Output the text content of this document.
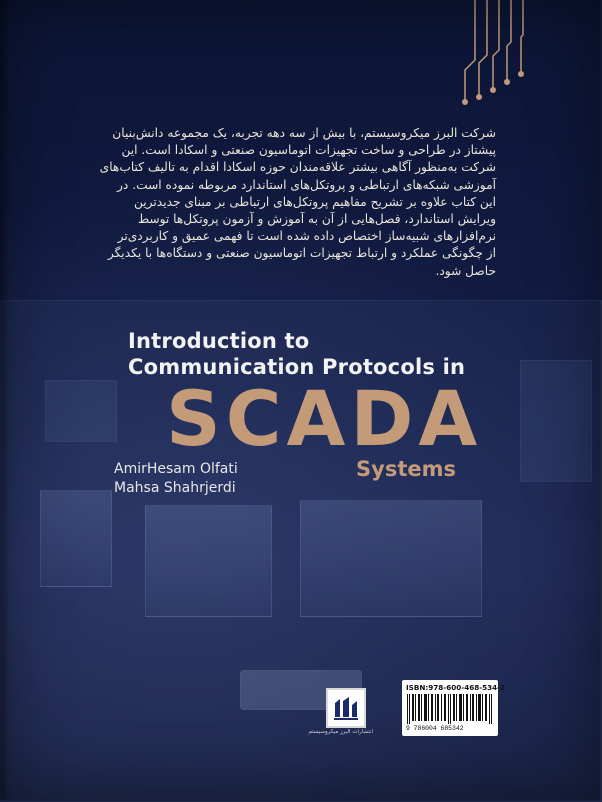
شرکت البرز میکروسیستم، با بیش از سه دهه تجربه، یک مجموعه دانش‌بنیان
پیشتاز در طراحی و ساخت تجهیزات اتوماسیون صنعتی و اسکادا است. این
شرکت به‌منظور آگاهی بیشتر علاقه‌مندان حوزه اسکادا اقدام به تالیف کتاب‌های
آموزشی شبکه‌های ارتباطی و پروتکل‌های استاندارد مربوطه نموده است. در
این کتاب علاوه بر تشریح مفاهیم پروتکل‌های ارتباطی بر مبنای جدیدترین
ویرایش استاندارد، فصل‌هایی از آن به آموزش و آزمون پروتکل‌ها توسط
نرم‌افزارهای شبیه‌ساز اختصاص داده شده است تا فهمی عمیق و کاربردی‌تر
از چگونگی عملکرد و ارتباط تجهیزات اتوماسیون صنعتی و دستگاه‌ها با یکدیگر
حاصل شود.
Introduction to
Communication Protocols in
SCADA
Systems
AmirHesam Olfati
Mahsa Shahrjerdi
انتشارات البرز میکروسیستم
ISBN:978-600-468-534-2
9 786004 685342
